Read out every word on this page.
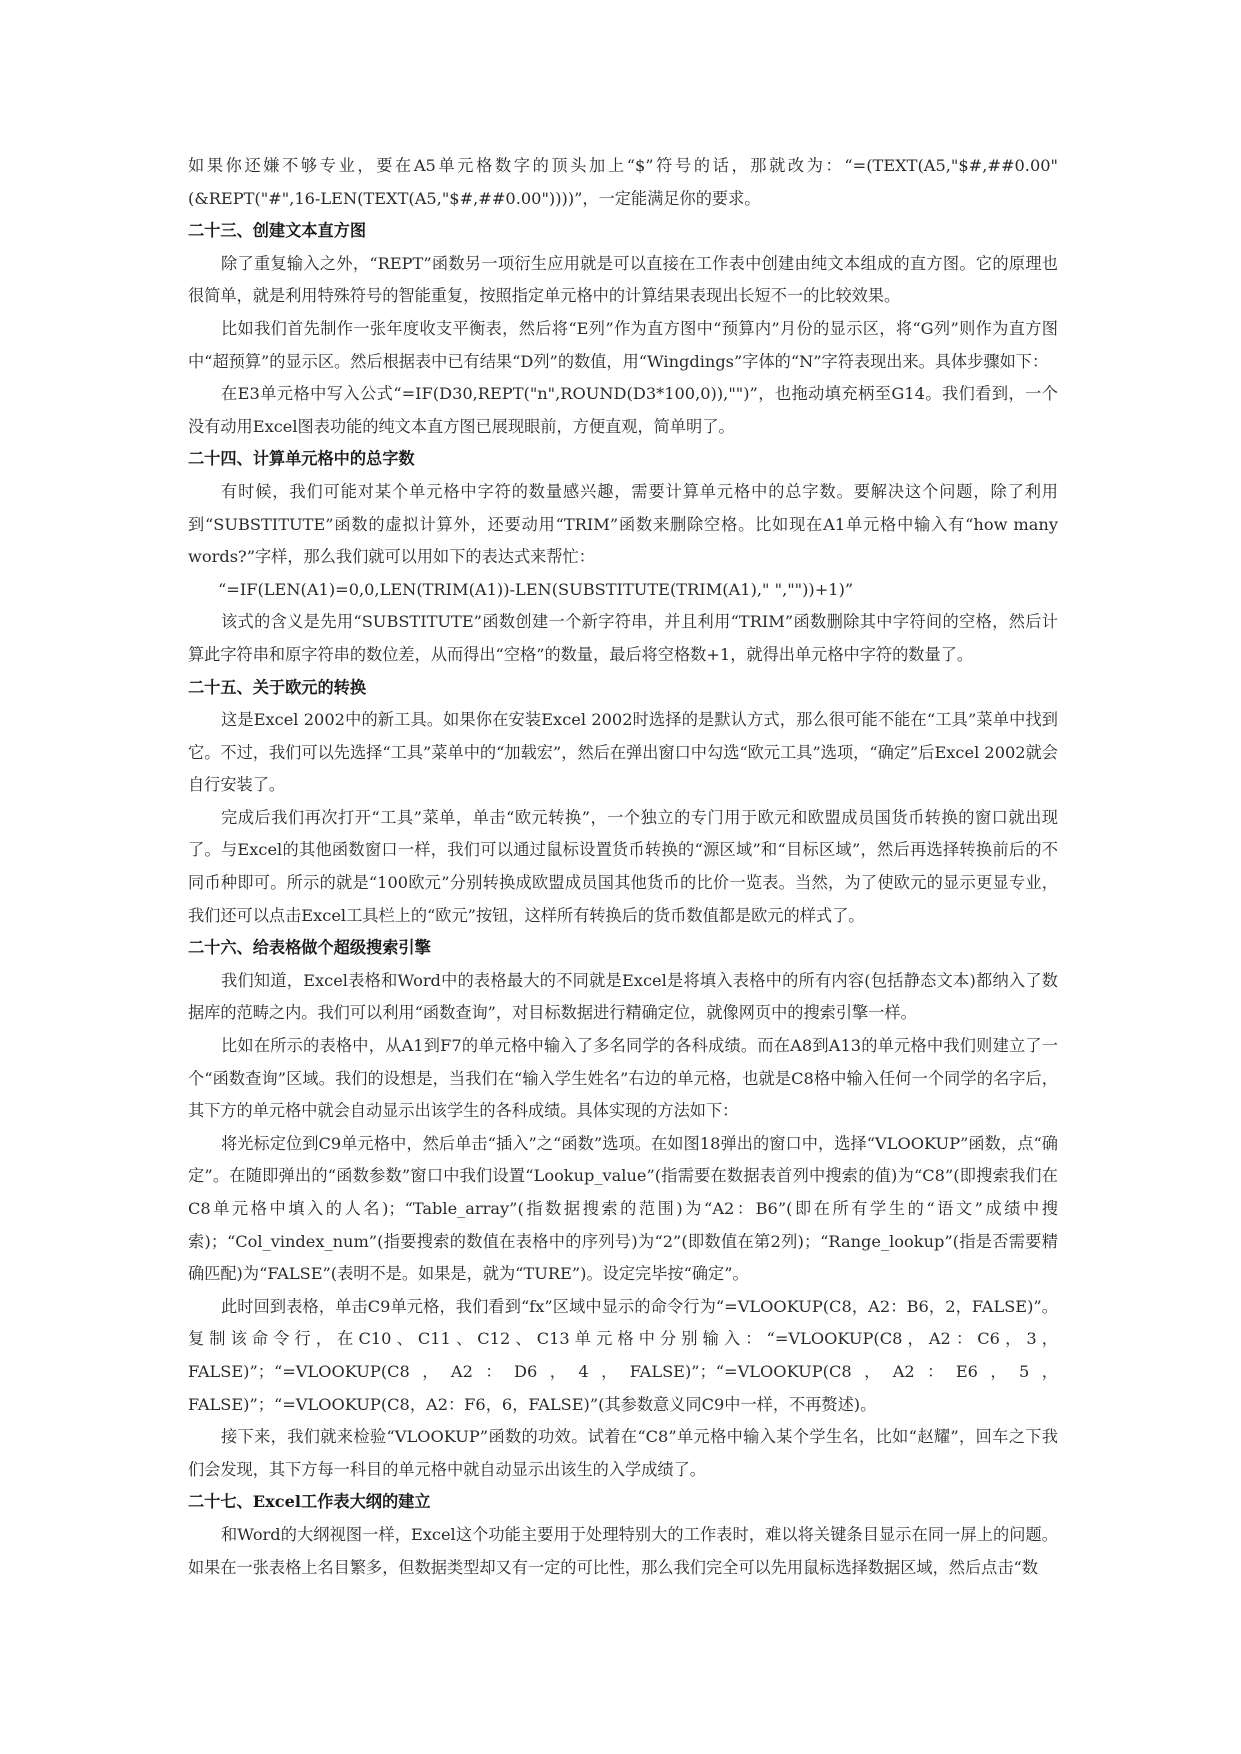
如果你还嫌不够专业，要在A5单元格数字的顶头加上“$”符号的话，那就改为：“=(TEXT(A5,"$#,##0.00"(&REPT("#",16-LEN(TEXT(A5,"$#,##0.00"))))”，一定能满足你的要求。

二十三、创建文本直方图

除了重复输入之外，“REPT”函数另一项衍生应用就是可以直接在工作表中创建由纯文本组成的直方图。它的原理也很简单，就是利用特殊符号的智能重复，按照指定单元格中的计算结果表现出长短不一的比较效果。

比如我们首先制作一张年度收支平衡表，然后将“E列”作为直方图中“预算内”月份的显示区，将“G列”则作为直方图中“超预算”的显示区。然后根据表中已有结果“D列”的数值，用“Wingdings”字体的“N”字符表现出来。具体步骤如下：

在E3单元格中写入公式“=IF(D30,REPT("n",ROUND(D3*100,0)),"")”，也拖动填充柄至G14。我们看到，一个没有动用Excel图表功能的纯文本直方图已展现眼前，方便直观，简单明了。

二十四、计算单元格中的总字数

有时候，我们可能对某个单元格中字符的数量感兴趣，需要计算单元格中的总字数。要解决这个问题，除了利用到“SUBSTITUTE”函数的虚拟计算外，还要动用“TRIM”函数来删除空格。比如现在A1单元格中输入有“how many words?”字样，那么我们就可以用如下的表达式来帮忙：

“=IF(LEN(A1)=0,0,LEN(TRIM(A1))-LEN(SUBSTITUTE(TRIM(A1)," ",""))+1)”

该式的含义是先用“SUBSTITUTE”函数创建一个新字符串，并且利用“TRIM”函数删除其中字符间的空格，然后计算此字符串和原字符串的数位差，从而得出“空格”的数量，最后将空格数+1，就得出单元格中字符的数量了。

二十五、关于欧元的转换

这是Excel 2002中的新工具。如果你在安装Excel 2002时选择的是默认方式，那么很可能不能在“工具”菜单中找到它。不过，我们可以先选择“工具”菜单中的“加载宏”，然后在弹出窗口中勾选“欧元工具”选项，“确定”后Excel 2002就会自行安装了。

完成后我们再次打开“工具”菜单，单击“欧元转换”，一个独立的专门用于欧元和欧盟成员国货币转换的窗口就出现了。与Excel的其他函数窗口一样，我们可以通过鼠标设置货币转换的“源区域”和“目标区域”，然后再选择转换前后的不同币种即可。所示的就是“100欧元”分别转换成欧盟成员国其他货币的比价一览表。当然，为了使欧元的显示更显专业，我们还可以点击Excel工具栏上的“欧元”按钮，这样所有转换后的货币数值都是欧元的样式了。

二十六、给表格做个超级搜索引擎

我们知道，Excel表格和Word中的表格最大的不同就是Excel是将填入表格中的所有内容(包括静态文本)都纳入了数据库的范畴之内。我们可以利用“函数查询”，对目标数据进行精确定位，就像网页中的搜索引擎一样。

比如在所示的表格中，从A1到F7的单元格中输入了多名同学的各科成绩。而在A8到A13的单元格中我们则建立了一个“函数查询”区域。我们的设想是，当我们在“输入学生姓名”右边的单元格，也就是C8格中输入任何一个同学的名字后，其下方的单元格中就会自动显示出该学生的各科成绩。具体实现的方法如下：

将光标定位到C9单元格中，然后单击“插入”之“函数”选项。在如图18弹出的窗口中，选择“VLOOKUP”函数，点“确定”。在随即弹出的“函数参数”窗口中我们设置“Lookup_value”(指需要在数据表首列中搜索的值)为“C8”(即搜索我们在C8单元格中填入的人名)；“Table_array”(指数据搜索的范围)为“A2：B6”(即在所有学生的“语文”成绩中搜索)；“Col_vindex_num”(指要搜索的数值在表格中的序列号)为“2”(即数值在第2列)；“Range_lookup”(指是否需要精确匹配)为“FALSE”(表明不是。如果是，就为“TURE”)。设定完毕按“确定”。

此时回到表格，单击C9单元格，我们看到“fx”区域中显示的命令行为“=VLOOKUP(C8，A2：B6，2，FALSE)”。复制该命令行，在C10、C11、C12、C13单元格中分别输入：“=VLOOKUP(C8，A2：C6，3，FALSE)”；“=VLOOKUP(C8，A2：D6，4，FALSE)”；“=VLOOKUP(C8，A2：E6，5，FALSE)”；“=VLOOKUP(C8，A2：F6，6，FALSE)”(其参数意义同C9中一样，不再赘述)。

接下来，我们就来检验“VLOOKUP”函数的功效。试着在“C8”单元格中输入某个学生名，比如“赵耀”，回车之下我们会发现，其下方每一科目的单元格中就自动显示出该生的入学成绩了。

二十七、Excel工作表大纲的建立

和Word的大纲视图一样，Excel这个功能主要用于处理特别大的工作表时，难以将关键条目显示在同一屏上的问题。如果在一张表格上名目繁多，但数据类型却又有一定的可比性，那么我们完全可以先用鼠标选择数据区域，然后点击“数
